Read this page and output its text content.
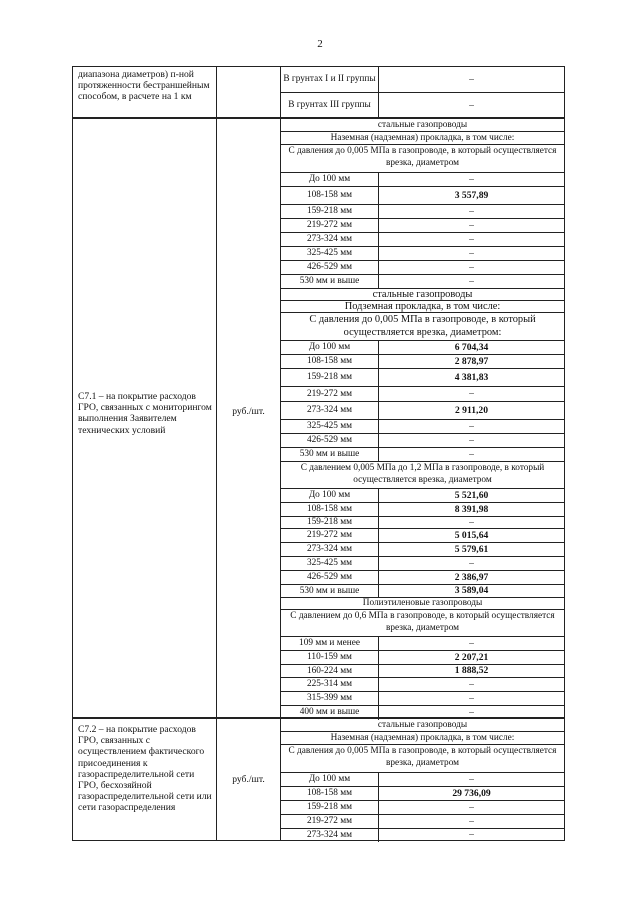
2
диапазона диаметров) п-ной протяженности бестраншейным способом, в расчете на 1 км
В грунтах I и II группы	–
В грунтах III группы	–
С7.1 – на покрытие расходов ГРО, связанных с мониторингом выполнения Заявителем технических условий
руб./шт.
стальные газопроводы
Наземная (надземная) прокладка, в том числе:
С давления до 0,005 МПа в газопроводе, в который осуществляется врезка, диаметром
До 100 мм	–
108-158 мм	3 557,89
159-218 мм	–
219-272 мм	–
273-324 мм	–
325-425 мм	–
426-529 мм	–
530 мм и выше	–
стальные газопроводы
Подземная прокладка, в том числе:
С давления до 0,005 МПа в газопроводе, в который осуществляется врезка, диаметром:
До 100 мм	6 704,34
108-158 мм	2 878,97
159-218 мм	4 381,83
219-272 мм	–
273-324 мм	2 911,20
325-425 мм	–
426-529 мм	–
530 мм и выше	–
С давлением 0,005 МПа до 1,2 МПа в газопроводе, в который осуществляется врезка, диаметром
До 100 мм	5 521,60
108-158 мм	8 391,98
159-218 мм	–
219-272 мм	5 015,64
273-324 мм	5 579,61
325-425 мм	–
426-529 мм	2 386,97
530 мм и выше	3 589,04
Полиэтиленовые газопроводы
С давлением до 0,6 МПа в газопроводе, в который осуществляется врезка, диаметром
109 мм и менее	–
110-159 мм	2 207,21
160-224 мм	1 888,52
225-314 мм	–
315-399 мм	–
400 мм и выше	–
С7.2 – на покрытие расходов ГРО, связанных с осуществлением фактического присоединения к газораспределительной сети ГРО, бесхозяйной газораспределительной сети или сети газораспределения
руб./шт.
стальные газопроводы
Наземная (надземная) прокладка, в том числе:
С давления до 0,005 МПа в газопроводе, в который осуществляется врезка, диаметром
До 100 мм	–
108-158 мм	29 736,09
159-218 мм	–
219-272 мм	–
273-324 мм	–
